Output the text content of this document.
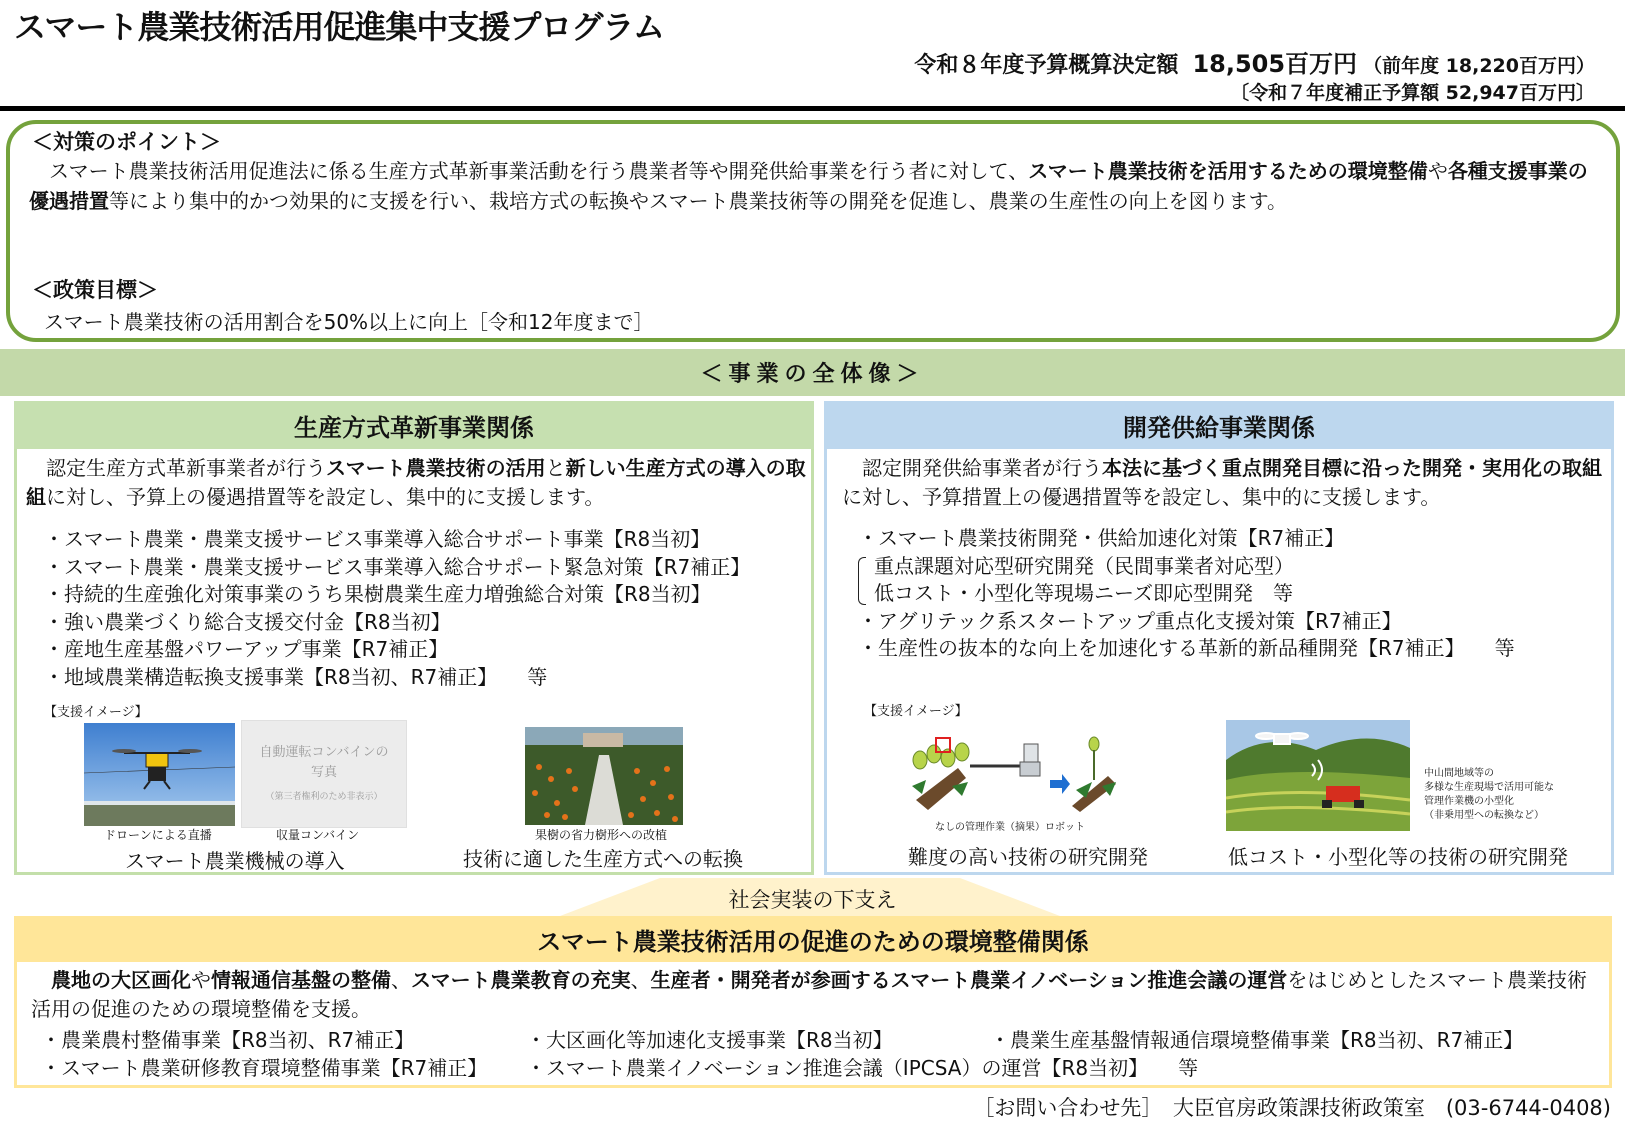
スマート農業技術活用促進集中支援プログラム
令和８年度予算概算決定額 18,505百万円 （前年度 18,220百万円）
〔令和７年度補正予算額 52,947百万円〕
＜対策のポイント＞
　スマート農業技術活用促進法に係る生産方式革新事業活動を行う農業者等や開発供給事業を行う者に対して、スマート農業技術を活用するための環境整備や各種支援事業の優遇措置等により集中的かつ効果的に支援を行い、栽培方式の転換やスマート農業技術等の開発を促進し、農業の生産性の向上を図ります。
＜政策目標＞
スマート農業技術の活用割合を50%以上に向上［令和12年度まで］
＜事業の全体像＞
生産方式革新事業関係
　認定生産方式革新事業者が行うスマート農業技術の活用と新しい生産方式の導入の取組に対し、予算上の優遇措置等を設定し、集中的に支援します。
・スマート農業・農業支援サービス事業導入総合サポート事業【R8当初】
・スマート農業・農業支援サービス事業導入総合サポート緊急対策【R7補正】
・持続的生産強化対策事業のうち果樹農業生産力増強総合対策【R8当初】
・強い農業づくり総合支援交付金【R8当初】
・産地生産基盤パワーアップ事業【R7補正】
・地域農業構造転換支援事業【R8当初、R7補正】　　等
【支援イメージ】
自動運転コンバインの写真
（第三者権利のため非表示）
ドローンによる直播	収量コンバイン	果樹の省力樹形への改植
スマート農業機械の導入	技術に適した生産方式への転換
開発供給事業関係
　認定開発供給事業者が行う本法に基づく重点開発目標に沿った開発・実用化の取組に対し、予算措置上の優遇措置等を設定し、集中的に支援します。
・スマート農業技術開発・供給加速化対策【R7補正】
重点課題対応型研究開発（民間事業者対応型）
低コスト・小型化等現場ニーズ即応型開発　等
・アグリテック系スタートアップ重点化支援対策【R7補正】
・生産性の抜本的な向上を加速化する革新的新品種開発【R7補正】　　等
【支援イメージ】
なしの管理作業（摘果）ロボット
中山間地域等の
多様な生産現場で活用可能な
管理作業機の小型化
（非乗用型への転換など）
難度の高い技術の研究開発	低コスト・小型化等の技術の研究開発
社会実装の下支え
スマート農業技術活用の促進のための環境整備関係
　農地の大区画化や情報通信基盤の整備、スマート農業教育の充実、生産者・開発者が参画するスマート農業イノベーション推進会議の運営をはじめとしたスマート農業技術活用の促進のための環境整備を支援。
・農業農村整備事業【R8当初、R7補正】	・大区画化等加速化支援事業【R8当初】	・農業生産基盤情報通信環境整備事業【R8当初、R7補正】
・スマート農業研修教育環境整備事業【R7補正】 ・スマート農業イノベーション推進会議（IPCSA）の運営【R8当初】　　等
［お問い合わせ先］　大臣官房政策課技術政策室　(03-6744-0408)
